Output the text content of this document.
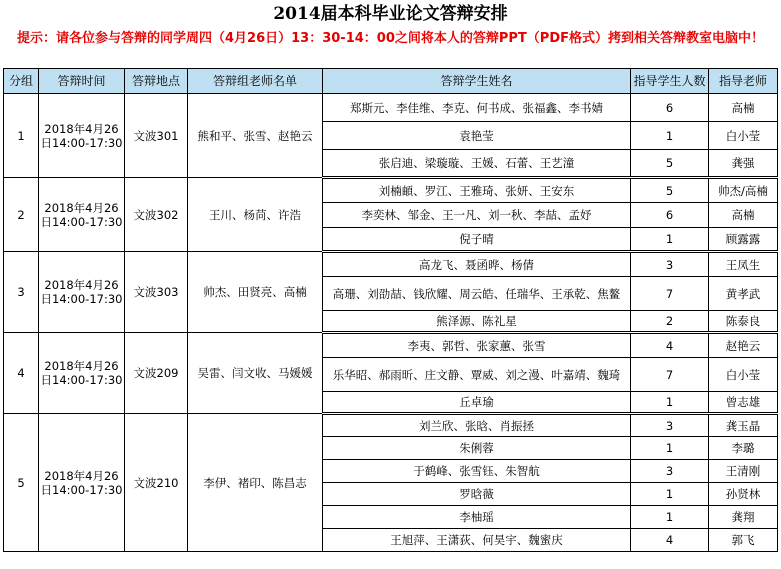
2014届本科毕业论文答辩安排
提示：请各位参与答辩的同学周四（4月26日）13：30-14：00之间将本人的答辩PPT（PDF格式）拷到相关答辩教室电脑中！
分组	答辩时间	答辩地点	答辩组老师名单	答辩学生姓名	指导学生人数	指导老师
1	2018年4月26日14:00-17:30	文波301	熊和平、张雪、赵艳云	郑斯元、李佳维、李克、何书成、张福鑫、李书婧	6	高楠
				袁艳莹	1	白小莹
				张启迪、梁璇璇、王媛、石蕾、王艺潼	5	龚强
2	2018年4月26日14:00-17:30	文波302	王川、杨苘、许浩	刘楠頔、罗江、王雅琦、张妍、王安东	5	帅杰/高楠
				李奕林、邹金、王一凡、刘一秋、李喆、孟妤	6	高楠
				倪子晴	1	顾露露
3	2018年4月26日14:00-17:30	文波303	帅杰、田贤亮、高楠	高龙飞、聂函晔、杨倩	3	王凤生
				高珊、刘劭喆、钱欣耀、周云皓、任瑞华、王承乾、焦鳌	7	黄孝武
				熊泽源、陈礼星	2	陈泰良
4	2018年4月26日14:00-17:30	文波209	吴雷、闫文收、马媛媛	李夷、郭哲、张家蕙、张雪	4	赵艳云
				乐华昭、郝雨昕、庄文静、覃威、刘之漫、叶嘉靖、魏琦	7	白小莹
				丘卓瑜	1	曾志雄
5	2018年4月26日14:00-17:30	文波210	李伊、褚印、陈昌志	刘兰欣、张晗、肖振拯	3	龚玉晶
				朱俐蓉	1	李璐
				于鹤峰、张雪钰、朱智航	3	王清刚
				罗晗薇	1	孙贤林
				李柚瑶	1	龚翔
				王旭萍、王潇荻、何昊宇、魏蜜庆	4	郭飞
